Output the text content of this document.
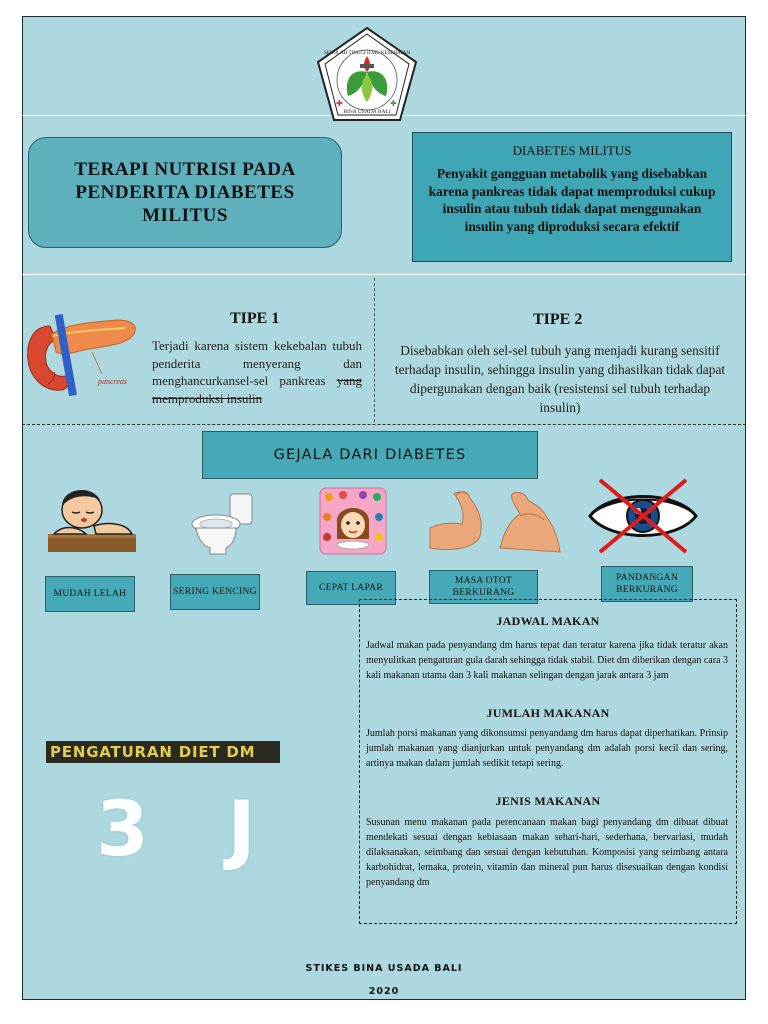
✚	✚
BINA USADA BALI
SEKOLAH TINGGI ILMU KESEHATAN
TERAPI NUTRISI PADA PENDERITA DIABETES MILITUS
DIABETES MILITUS
Penyakit gangguan metabolik yang disebabkan karena pankreas tidak dapat memproduksi cukup insulin atau tubuh tidak dapat menggunakan insulin yang diproduksi secara efektif
pancreas
TIPE 1
Terjadi karena sistem kekebalan tubuh penderita menyerang dan menghancurkansel-sel pankreas yang memproduksi insulin
TIPE 2
Disebabkan oleh sel-sel tubuh yang menjadi kurang sensitif terhadap insulin, sehingga insulin yang dihasilkan tidak dapat dipergunakan dengan baik (resistensi sel tubuh terhadap insulin)
GEJALA DARI DIABETES
MUDAH LELAH	SERING KENCING	CEPAT LAPAR
MASA OTOT BERKURANG
PANDANGAN BERKURANG
PENGATURAN DIET DM
3 J
JADWAL MAKAN
Jadwal makan pada penyandang dm harus tepat dan teratur karena jika tidak teratur akan menyulitkan pengaturan gula darah sehingga tidak stabil. Diet dm diberikan dengan cara 3 kali makanan utama dan 3 kali makanan selingan dengan jarak antara 3 jam
JUMLAH MAKANAN
Jumlah porsi makanan yang dikonsumsi penyandang dm harus dapat diperhatikan. Prinsip jumlah makanan yang dianjurkan untuk penyandang dm adalah porsi kecil dan sering, artinya makan dalam jumlah sedikit tetapi sering.
JENIS MAKANAN
Susunan menu makanan pada perencanaan makan bagi penyandang dm dibuat dibuat mendekati sesuai dengan kebiasaan makan sehari-hari, sederhana, bervariasi, mudah dilaksanakan, seimbang dan sesuai dengan kebutuhan. Komposisi yang seimbang antara karbohidrat, lemaka, protein, vitamin dan mineral pun harus disesuaikan dengan kondisi penyandang dm
STIKES BINA USADA BALI
2020
